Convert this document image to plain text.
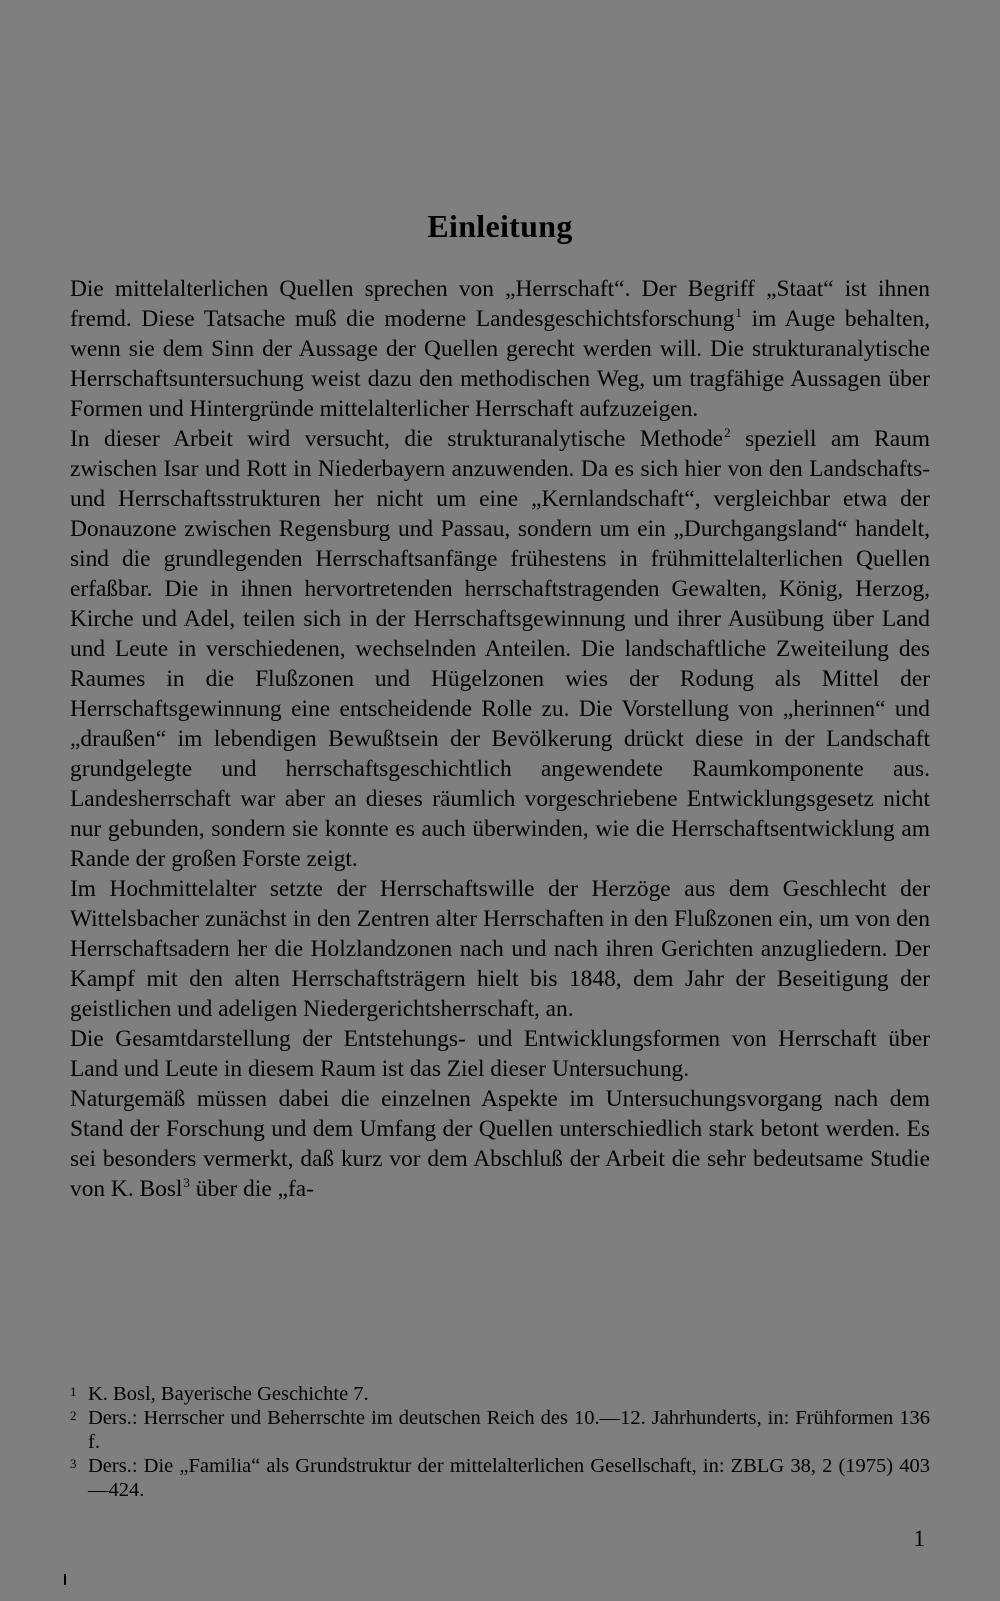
Einleitung

Die mittelalterlichen Quellen sprechen von „Herrschaft“. Der Begriff „Staat“ ist ihnen fremd. Diese Tatsache muß die moderne Landesgeschichtsforschung$^1$ im Auge behalten, wenn sie dem Sinn der Aussage der Quellen gerecht werden will. Die strukturanalytische Herrschaftsuntersuchung weist dazu den methodischen Weg, um tragfähige Aussagen über Formen und Hintergründe mittelalterlicher Herrschaft aufzuzeigen.

In dieser Arbeit wird versucht, die strukturanalytische Methode$^2$ speziell am Raum zwischen Isar und Rott in Niederbayern anzuwenden. Da es sich hier von den Landschafts- und Herrschaftsstrukturen her nicht um eine „Kernlandschaft“, vergleichbar etwa der Donauzone zwischen Regensburg und Passau, sondern um ein „Durchgangsland“ handelt, sind die grundlegenden Herrschaftsanfänge frühestens in frühmittelalterlichen Quellen erfaßbar. Die in ihnen hervortretenden herrschaftstragenden Gewalten, König, Herzog, Kirche und Adel, teilen sich in der Herrschaftsgewinnung und ihrer Ausübung über Land und Leute in verschiedenen, wechselnden Anteilen. Die landschaftliche Zweiteilung des Raumes in die Flußzonen und Hügelzonen wies der Rodung als Mittel der Herrschaftsgewinnung eine entscheidende Rolle zu. Die Vorstellung von „herinnen“ und „draußen“ im lebendigen Bewußtsein der Bevölkerung drückt diese in der Landschaft grundgelegte und herrschaftsgeschichtlich angewendete Raumkomponente aus. Landesherrschaft war aber an dieses räumlich vorgeschriebene Entwicklungsgesetz nicht nur gebunden, sondern sie konnte es auch überwinden, wie die Herrschaftsentwicklung am Rande der großen Forste zeigt.

Im Hochmittelalter setzte der Herrschaftswille der Herzöge aus dem Geschlecht der Wittelsbacher zunächst in den Zentren alter Herrschaften in den Flußzonen ein, um von den Herrschaftsadern her die Holzlandzonen nach und nach ihren Gerichten anzugliedern. Der Kampf mit den alten Herrschaftsträgern hielt bis 1848, dem Jahr der Beseitigung der geistlichen und adeligen Niedergerichtsherrschaft, an.

Die Gesamtdarstellung der Entstehungs- und Entwicklungsformen von Herrschaft über Land und Leute in diesem Raum ist das Ziel dieser Untersuchung.

Naturgemäß müssen dabei die einzelnen Aspekte im Untersuchungsvorgang nach dem Stand der Forschung und dem Umfang der Quellen unterschiedlich stark betont werden. Es sei besonders vermerkt, daß kurz vor dem Abschluß der Arbeit die sehr bedeutsame Studie von K. Bosl$^3$ über die „fa-

1 K. Bosl, Bayerische Geschichte 7.
2 Ders.: Herrscher und Beherrschte im deutschen Reich des 10.—12. Jahrhunderts, in: Frühformen 136 f.
3 Ders.: Die „Familia“ als Grundstruktur der mittelalterlichen Gesellschaft, in: ZBLG 38, 2 (1975) 403—424.
1
